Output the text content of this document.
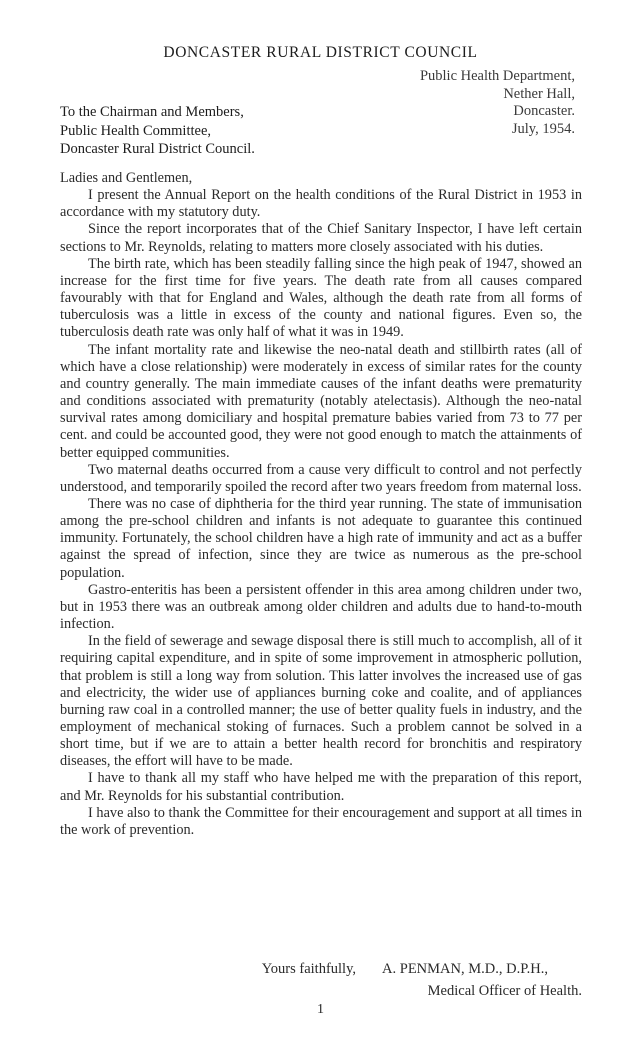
DONCASTER RURAL DISTRICT COUNCIL
Public Health Department,
Nether Hall,
Doncaster.
July, 1954.
To the Chairman and Members,
Public Health Committee,
Doncaster Rural District Council.

Ladies and Gentlemen,

I present the Annual Report on the health conditions of the Rural District in 1953 in accordance with my statutory duty.

Since the report incorporates that of the Chief Sanitary Inspector, I have left certain sections to Mr. Reynolds, relating to matters more closely associated with his duties.

The birth rate, which has been steadily falling since the high peak of 1947, showed an increase for the first time for five years. The death rate from all causes compared favourably with that for England and Wales, although the death rate from all forms of tuberculosis was a little in excess of the county and national figures. Even so, the tuberculosis death rate was only half of what it was in 1949.

The infant mortality rate and likewise the neo-natal death and stillbirth rates (all of which have a close relationship) were moderately in excess of similar rates for the county and country generally. The main immediate causes of the infant deaths were prematurity and conditions associated with prematurity (notably atelectasis). Although the neo-natal survival rates among domiciliary and hospital premature babies varied from 73 to 77 per cent. and could be accounted good, they were not good enough to match the attainments of better equipped communities.

Two maternal deaths occurred from a cause very difficult to control and not perfectly understood, and temporarily spoiled the record after two years freedom from maternal loss.

There was no case of diphtheria for the third year running. The state of immunisation among the pre-school children and infants is not adequate to guarantee this continued immunity. Fortunately, the school children have a high rate of immunity and act as a buffer against the spread of infection, since they are twice as numerous as the pre-school population.

Gastro-enteritis has been a persistent offender in this area among children under two, but in 1953 there was an outbreak among older children and adults due to hand-to-mouth infection.

In the field of sewerage and sewage disposal there is still much to accomplish, all of it requiring capital expenditure, and in spite of some improvement in atmospheric pollution, that problem is still a long way from solution. This latter involves the increased use of gas and electricity, the wider use of appliances burning coke and coalite, and of appliances burning raw coal in a controlled manner; the use of better quality fuels in industry, and the employment of mechanical stoking of furnaces. Such a problem cannot be solved in a short time, but if we are to attain a better health record for bronchitis and respiratory diseases, the effort will have to be made.

I have to thank all my staff who have helped me with the preparation of this report, and Mr. Reynolds for his substantial contribution.

I have also to thank the Committee for their encouragement and support at all times in the work of prevention.

Yours faithfully, A. PENMAN, M.D., D.P.H.,
Medical Officer of Health.
1
